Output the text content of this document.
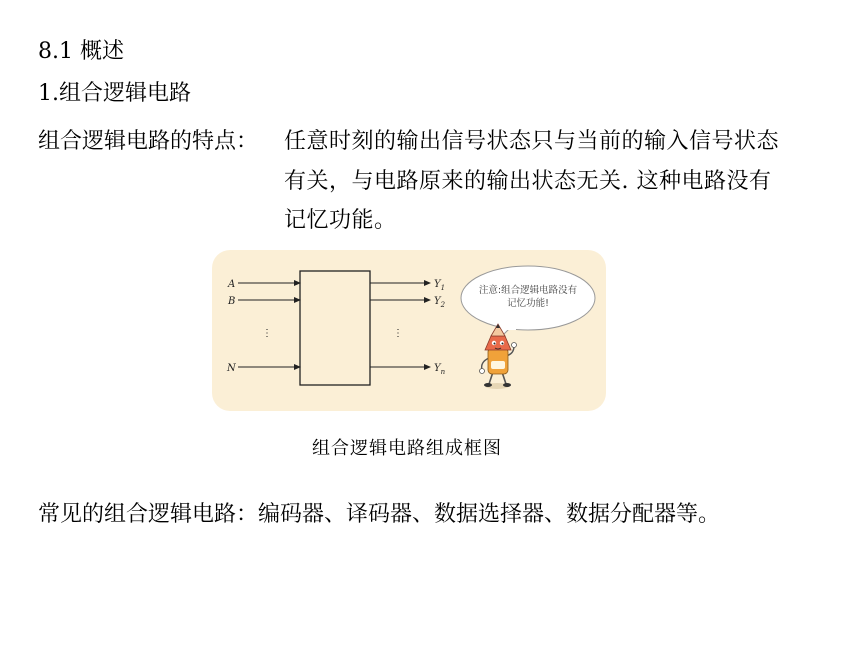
8.1 概述
1.组合逻辑电路
组合逻辑电路的特点： 任意时刻的输出信号状态只与当前的输入信号状态
有关，与电路原来的输出状态无关. 这种电路没有
记忆功能。
A
B
N
⋮
$Y_1$
$Y_2$
$Y_n$
⋮
注意:组合逻辑电路没有
记忆功能!
组合逻辑电路组成框图
常见的组合逻辑电路：编码器、译码器、数据选择器、数据分配器等。
